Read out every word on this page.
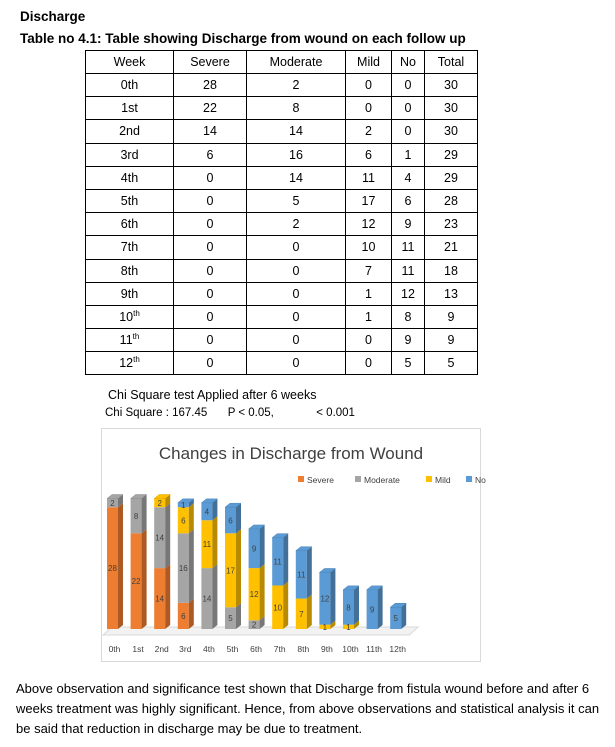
Discharge
Table no 4.1: Table showing Discharge from wound on each follow up
Week	Severe	Moderate	Mild	No	Total
0th	28	2	0	0	30
1st	22	8	0	0	30
2nd	14	14	2	0	30
3rd	6	16	6	1	29
4th	0	14	11	4	29
5th	0	5	17	6	28
6th	0	2	12	9	23
7th	0	0	10	11	21
8th	0	0	7	11	18
9th	0	0	1	12	13
10th	0	0	1	8	9
11th	0	0	0	9	9
12th	0	0	0	5	5
Chi Square test Applied after 6 weeks
Chi Square : 167.45 P < 0.05,	< 0.001
Changes in Discharge from Wound
Severe	Moderate	Mild	No
28
2
0th
22
8
1st
14
14
2
2nd
6
16
6
1
3rd
14
11
4
4th
5
17
6
5th
2
12
9
6th
10
11
7th
7
11
8th
1
12
9th
1
8
10th
9
11th
5
12th
Above observation and significance test shown that Discharge from fistula wound before and after 6 weeks treatment was highly significant. Hence, from above observations and statistical analysis it can be said that reduction in discharge may be due to treatment.
